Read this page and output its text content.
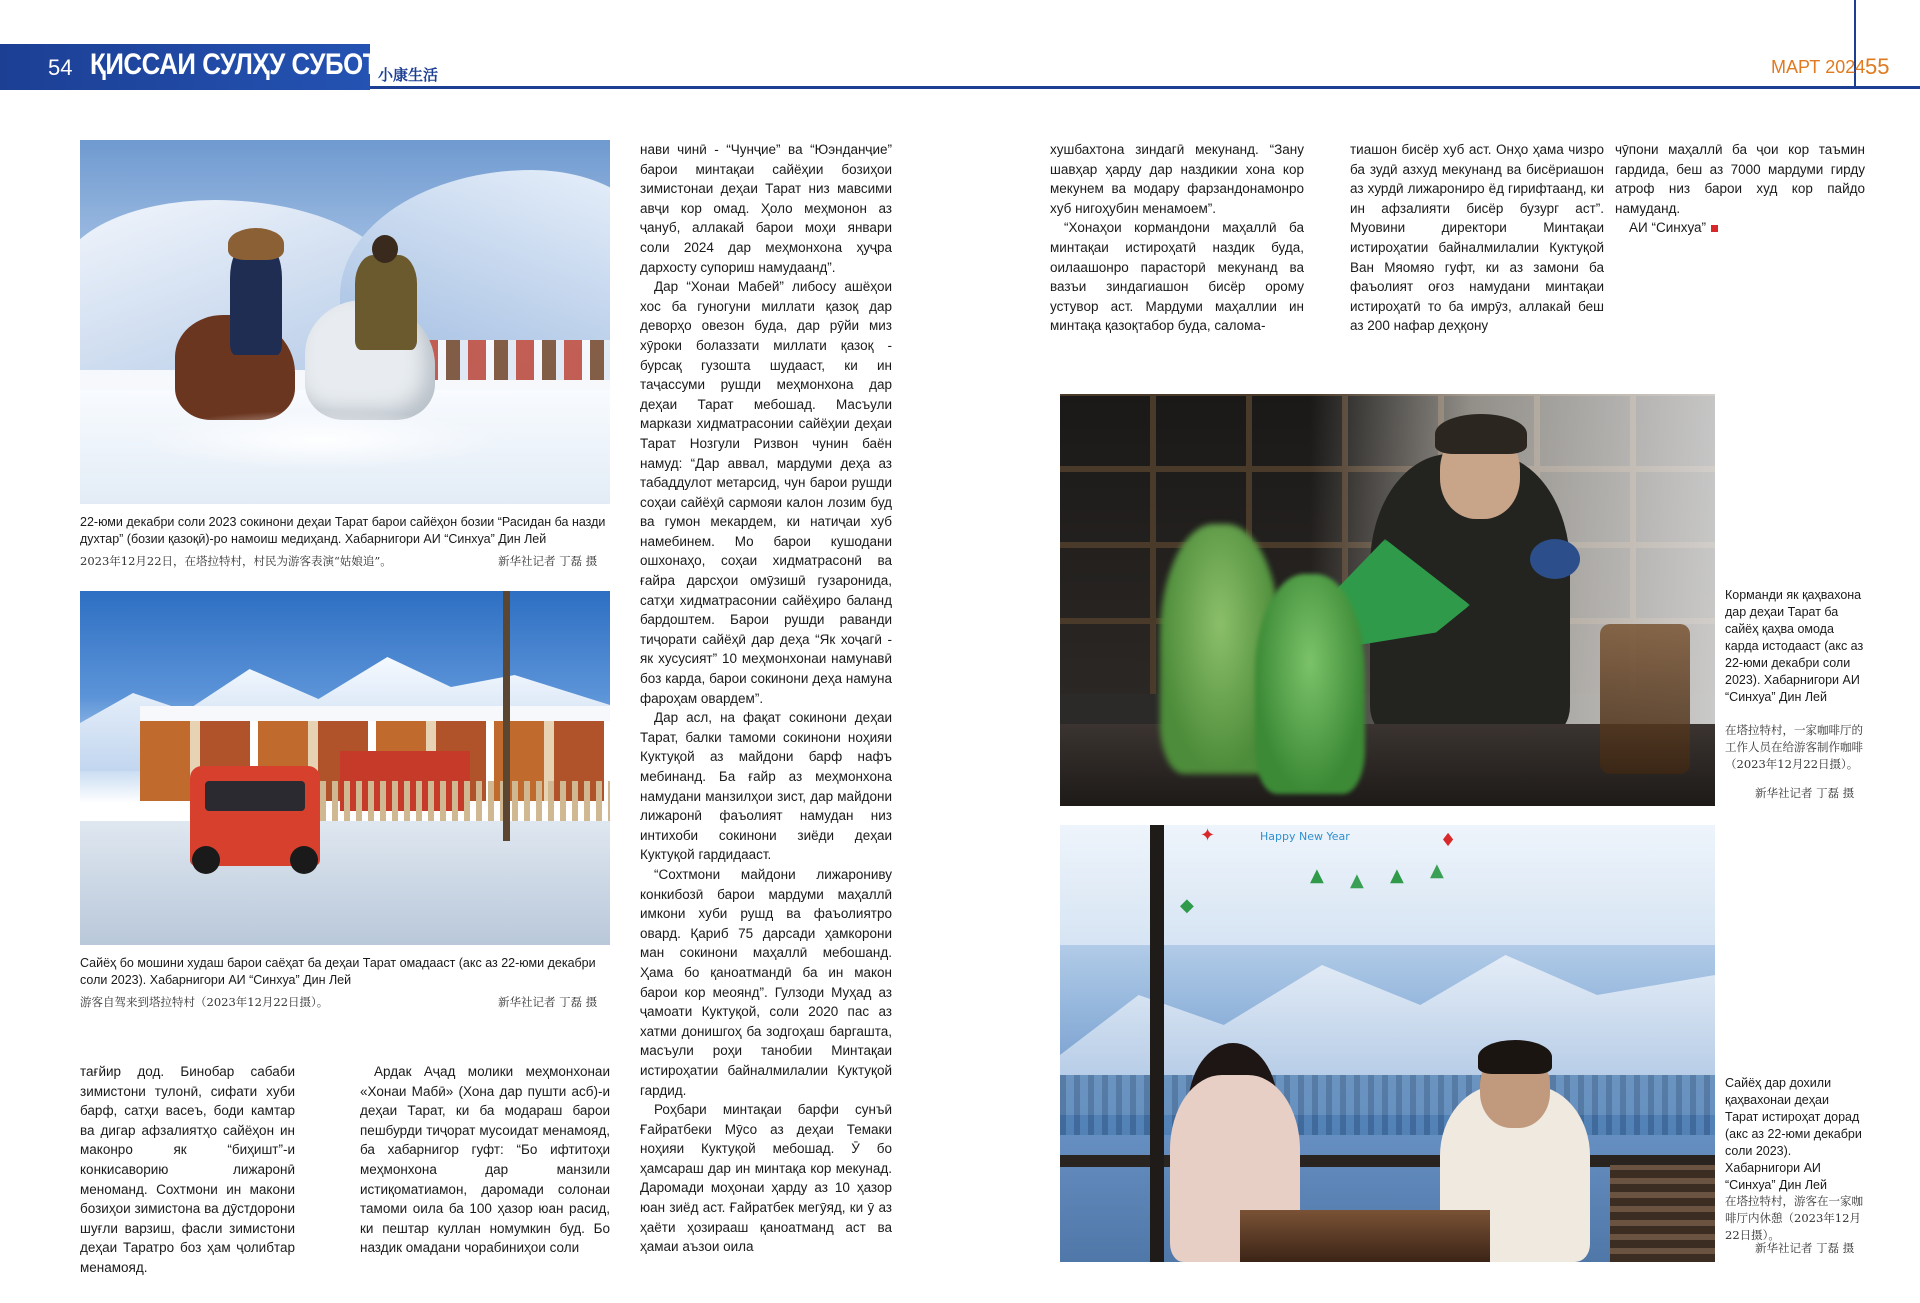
54 ҚИССАИ СУЛҲУ СУБОТ 小康生活	МАРТ 2024 55
22-юми декабри соли 2023 сокинони деҳаи Тарат барои сайёҳон бозии “Расидан ба назди духтар” (бозии қазоқӣ)-ро намоиш медиҳанд. Хабарнигори АИ “Синхуа” Дин Лей
2023年12月22日，在塔拉特村，村民为游客表演“姑娘追”。	新华社记者 丁磊 摄
Сайёҳ бо мошини худаш барои саёҳат ба деҳаи Тарат омадааст (акс аз 22-юми декабри соли 2023). Хабарнигори АИ “Синхуа” Дин Лей
游客自驾来到塔拉特村（2023年12月22日摄）。	新华社记者 丁磊 摄

тағйир дод. Бинобар сабаби зимистони тулонӣ, сифати хуби барф, сатҳи васеъ, боди камтар ва дигар афзалиятҳо сайёҳон ин маконро як “биҳишт”-и конкисаворию лижаронӣ меноманд. Сохтмони ин макони бозиҳои зимистона ва дӯстдорони шуғли варзиш, фасли зимистони деҳаи Таратро боз ҳам ҷолибтар менамояд.

Ардак Аҷад молики меҳмонхонаи «Хонаи Мабӣ» (Хона дар пушти асб)-и деҳаи Тарат, ки ба модараш барои пешбурди тиҷорат мусоидат менамояд, ба хабарнигор гуфт: “Бо ифтитоҳи меҳмонхона дар манзили истиқоматиамон, даромади солонаи тамоми оила ба 100 ҳазор юан расид, ки пештар куллан номумкин буд. Бо наздик омадани чорабиниҳои соли

нави чинӣ - “Чунҷие” ва “Юэнданҷие” барои минтақаи сайёҳии бозиҳои зимистонаи деҳаи Тарат низ мавсими авҷи кор омад. Ҳоло меҳмонон аз ҷануб, аллакай барои моҳи январи соли 2024 дар меҳмонхона ҳуҷра дархосту супориш намудаанд”.

Дар “Хонаи Мабей” либосу ашёҳои хос ба гуногуни миллати қазоқ дар деворҳо овезон буда, дар рӯйи миз хӯроки болаззати миллати қазоқ - бурсақ гузошта шудааст, ки ин таҷассуми рушди меҳмонхона дар деҳаи Тарат мебошад. Масъули маркази хидматрасонии сайёҳии деҳаи Тарат Нозгули Ризвон чунин баён намуд: “Дар аввал, мардуми деҳа аз табаддулот метарсид, чун барои рушди соҳаи сайёҳӣ сармояи калон лозим буд ва гумон мекардем, ки натиҷаи хуб намебинем. Мо барои кушодани ошхонаҳо, соҳаи хидматрасонӣ ва ғайра дарсҳои омӯзишӣ гузаронида, сатҳи хидматрасонии сайёҳиро баланд бардоштем. Барои рушди раванди тиҷорати сайёҳӣ дар деҳа “Як хоҷагӣ - як хусусият” 10 меҳмонхонаи намунавӣ боз карда, барои сокинони деҳа намуна фароҳам овардем”.

Дар асл, на фақат сокинони деҳаи Тарат, балки тамоми сокинони ноҳияи Куктуқой аз майдони барф нафъ мебинанд. Ба ғайр аз меҳмонхона намудани манзилҳои зист, дар майдони лижаронӣ фаъолият намудан низ интихоби сокинони зиёди деҳаи Куктуқой гардидааст.

“Сохтмони майдони лижарониву конкибозӣ барои мардуми маҳаллӣ имкони хуби рушд ва фаъолиятро овард. Қариб 75 дарсади ҳамкорони ман сокинони маҳаллӣ мебошанд. Ҳама бо қаноатмандӣ ба ин макон барои кор меоянд”. Гулзоди Муҳад аз ҷамоати Куктуқой, соли 2020 пас аз хатми донишгоҳ ба зодгоҳаш баргашта, масъули роҳи танобии Минтақаи истироҳатии байналмилалии Куктуқой гардид.

Роҳбари минтақаи барфи сунъӣ Ғайратбеки Мӯсо аз деҳаи Темаки ноҳияи Куктуқой мебошад. Ӯ бо ҳамсараш дар ин минтақа кор мекунад. Даромади моҳонаи ҳарду аз 10 ҳазор юан зиёд аст. Ғайратбек мегӯяд, ки ӯ аз ҳаёти ҳозирааш қаноатманд аст ва ҳамаи аъзои оила

хушбахтона зиндагӣ мекунанд. “Зану шавҳар ҳарду дар наздикии хона кор мекунем ва модару фарзандонамонро хуб нигоҳубин менамоем”.

“Хонаҳои кормандони маҳаллӣ ба минтақаи истироҳатӣ наздик буда, оилаашонро парасторӣ мекунанд ва вазъи зиндагиашон бисёр орому устувор аст. Мардуми маҳаллии ин минтақа қазоқтабор буда, салома-

тиашон бисёр хуб аст. Онҳо ҳама чизро ба зудӣ азхуд мекунанд ва бисёриашон аз хурдӣ лижарониро ёд гирифтаанд, ки ин афзалияти бисёр бузург аст”. Муовини директори Минтақаи истироҳатии байналмилалии Куктуқой Ван Мяомяо гуфт, ки аз замони ба фаъолият оғоз намудани минтақаи истироҳатӣ то ба имрӯз, аллакай беш аз 200 нафар деҳқону

чӯпони маҳаллӣ ба ҷои кор таъмин гардида, беш аз 7000 мардуми гирду атроф низ барои худ кор пайдо намуданд.

АИ “Синхуа”

Корманди як қаҳвахона дар деҳаи Тарат ба сайёҳ қаҳва омода карда истодааст (акс аз 22-юми декабри соли 2023). Хабарнигори АИ “Синхуа” Дин Лей
在塔拉特村，一家咖啡厅的工作人员在给游客制作咖啡（2023年12月22日摄）。
新华社记者 丁磊 摄
Happy New Year
✦
▲ ▲ ▲ ▲
♦
◆
Сайёҳ дар дохили қаҳвахонаи деҳаи Тарат истироҳат дорад (акс аз 22-юми декабри соли 2023). Хабарнигори АИ “Синхуа” Дин Лей
在塔拉特村，游客在一家咖啡厅内休憩（2023年12月22日摄）。
新华社记者 丁磊 摄
